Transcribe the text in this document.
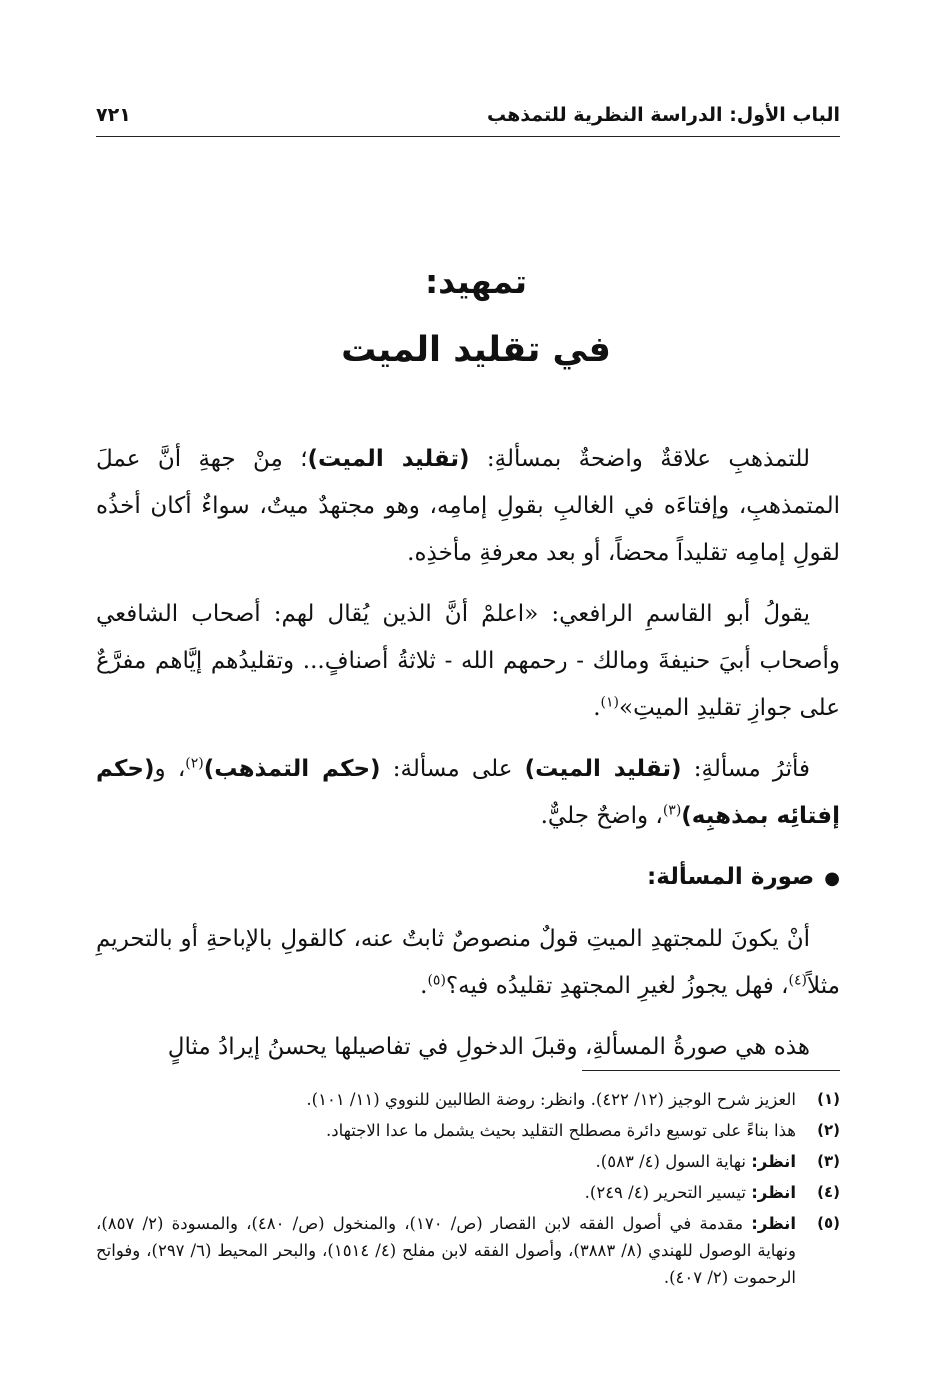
الباب الأول: الدراسة النظرية للتمذهب
٧٢١
تمهيد:
في تقليد الميت

للتمذهبِ علاقةٌ واضحةٌ بمسألةِ: (تقليد الميت)؛ مِنْ جهةِ أنَّ عملَ المتمذهبِ، وإفتاءَه في الغالبِ بقولِ إمامِه، وهو مجتهدٌ ميتٌ، سواءٌ أكان أخذُه لقولِ إمامِه تقليداً محضاً، أو بعد معرفةِ مأخذِه.

يقولُ أبو القاسمِ الرافعي: «اعلمْ أنَّ الذين يُقال لهم: أصحاب الشافعي وأصحاب أبيَ حنيفةَ ومالك - رحمهم الله - ثلاثةُ أصنافٍ... وتقليدُهم إيَّاهم مفرَّعٌ على جوازِ تقليدِ الميتِ»$^{(١)}$.

فأثرُ مسألةِ: (تقليد الميت) على مسألة: (حكم التمذهب)$^{(٢)}$، و(حكم إفتائِه بمذهبِه)$^{(٣)}$، واضحٌ جليٌّ.

●صورة المسألة:

أنْ يكونَ للمجتهدِ الميتِ قولٌ منصوصٌ ثابتٌ عنه، كالقولِ بالإباحةِ أو بالتحريمِ مثلاً$^{(٤)}$، فهل يجوزُ لغيرِ المجتهدِ تقليدُه فيه؟$^{(٥)}$.

هذه هي صورةُ المسألةِ، وقبلَ الدخولِ في تفاصيلها يحسنُ إيرادُ مثالٍ

(١)
العزيز شرح الوجيز (١٢/ ٤٢٢). وانظر: روضة الطالبين للنووي (١١/ ١٠١).
(٢)
هذا بناءً على توسيع دائرة مصطلح التقليد بحيث يشمل ما عدا الاجتهاد.
(٣)
انظر: نهاية السول (٤/ ٥٨٣).
(٤)
انظر: تيسير التحرير (٤/ ٢٤٩).
(٥)
انظر: مقدمة في أصول الفقه لابن القصار (ص/ ١٧٠)، والمنخول (ص/ ٤٨٠)، والمسودة (٢/ ٨٥٧)، ونهاية الوصول للهندي (٨/ ٣٨٨٣)، وأصول الفقه لابن مفلح (٤/ ١٥١٤)، والبحر المحيط (٦/ ٢٩٧)، وفواتح الرحموت (٢/ ٤٠٧).
